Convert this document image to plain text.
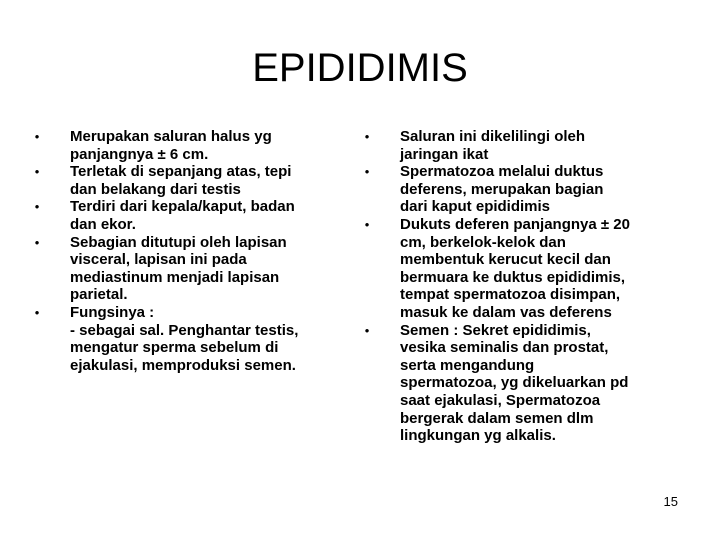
EPIDIDIMIS
•	Merupakan saluran halus yg
panjangnya ± 6 cm.
•	Terletak di sepanjang atas, tepi
dan belakang dari testis
•	Terdiri dari kepala/kaput, badan
dan ekor.
•	Sebagian ditutupi oleh lapisan
visceral, lapisan ini pada
mediastinum menjadi lapisan
parietal.
•	Fungsinya :
- sebagai sal. Penghantar testis,
mengatur sperma sebelum di
ejakulasi, memproduksi semen.
•	Saluran ini dikelilingi oleh
jaringan ikat
•	Spermatozoa melalui duktus
deferens, merupakan bagian
dari kaput epididimis
•	Dukuts deferen panjangnya ± 20
cm, berkelok-kelok dan
membentuk kerucut kecil dan
bermuara ke duktus epididimis,
tempat spermatozoa disimpan,
masuk ke dalam vas deferens
•	Semen : Sekret epididimis,
vesika seminalis dan prostat,
serta mengandung
spermatozoa, yg dikeluarkan pd
saat ejakulasi, Spermatozoa
bergerak dalam semen dlm
lingkungan yg alkalis.
15
